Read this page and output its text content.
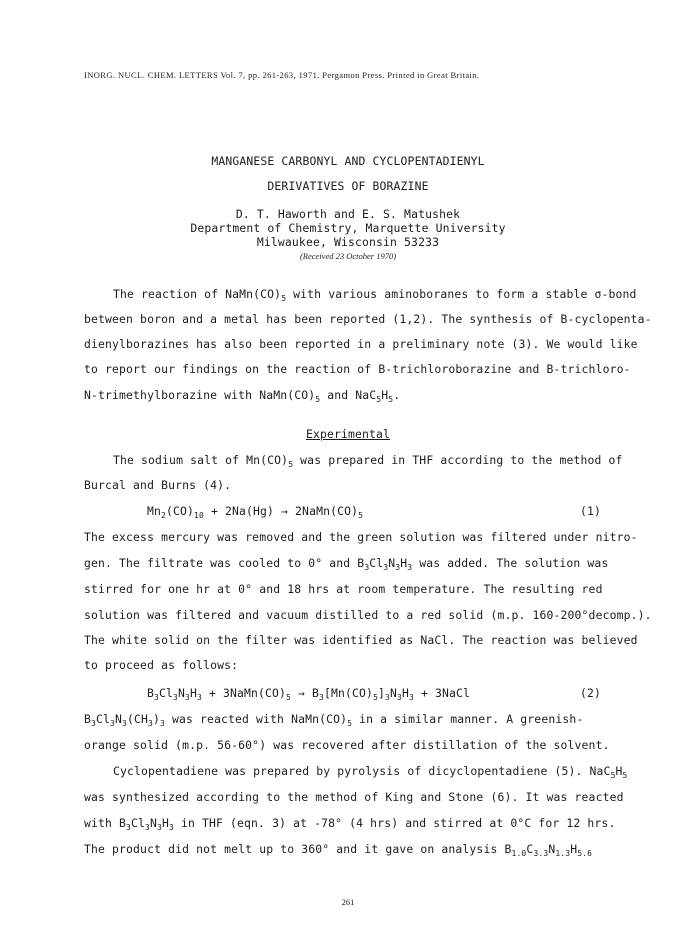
INORG. NUCL. CHEM. LETTERS Vol. 7, pp. 261-263, 1971. Pergamon Press. Printed in Great Britain.
MANGANESE CARBONYL AND CYCLOPENTADIENYL
DERIVATIVES OF BORAZINE
D. T. Haworth and E. S. Matushek
Department of Chemistry, Marquette University
Milwaukee, Wisconsin 53233
(Received 23 October 1970)
The reaction of $NaMn(CO)_5$ with various aminoboranes to form a stable σ-bond
between boron and a metal has been reported (1,2). The synthesis of B-cyclopenta-
dienylborazines has also been reported in a preliminary note (3). We would like
to report our findings on the reaction of B-trichloroborazine and B-trichloro-
N-trimethylborazine with $NaMn(CO)_5$ and $NaC_5H_5$.
Experimental
The sodium salt of $Mn(CO)_5$ was prepared in THF according to the method of
Burcal and Burns (4).
$Mn_2(CO)_{10} + 2Na(Hg)$ → $2NaMn(CO)_5$	(1)
The excess mercury was removed and the green solution was filtered under nitro-
gen. The filtrate was cooled to 0° and $B_3Cl_3N_3H_3$ was added. The solution was
stirred for one hr at 0° and 18 hrs at room temperature. The resulting red
solution was filtered and vacuum distilled to a red solid (m.p. 160-200°decomp.).
The white solid on the filter was identified as NaCl. The reaction was believed
to proceed as follows:
$B_3Cl_3N_3H_3$ + $3NaMn(CO)_5 \to B_3[Mn(CO)_5]_3N_3H_3$ + 3NaCl	(2)
$B_3Cl_3N_3(CH_3)_3$ was reacted with $NaMn(CO)_5$ in a similar manner. A greenish-
orange solid (m.p. 56-60°) was recovered after distillation of the solvent.
Cyclopentadiene was prepared by pyrolysis of dicyclopentadiene (5). $NaC_5H_5$
was synthesized according to the method of King and Stone (6). It was reacted
with $B_3Cl_3N_3H_3$ in THF (eqn. 3) at -78° (4 hrs) and stirred at 0°C for 12 hrs.
The product did not melt up to 360° and it gave on analysis $B_{1.0}C_{3.3}N_{1.3}H_{5.6}$
261
